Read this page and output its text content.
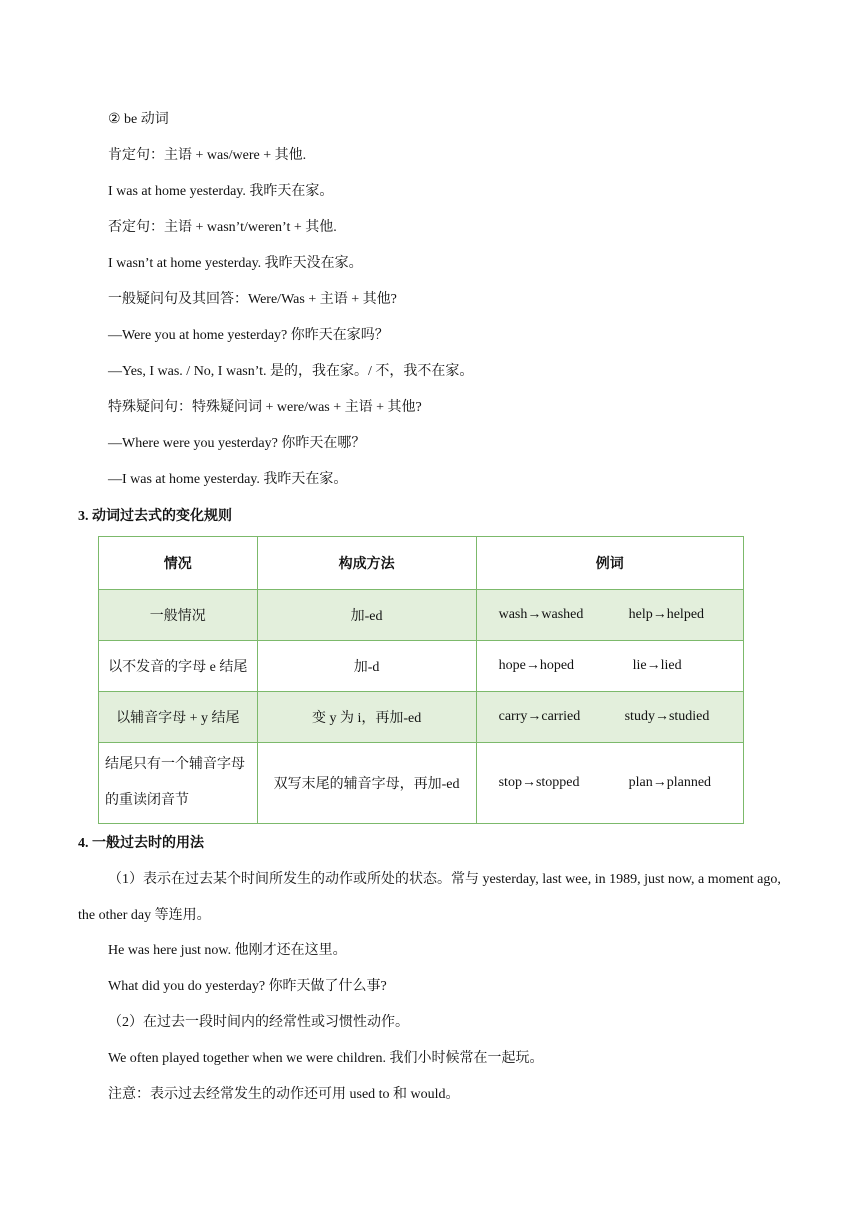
② be 动词
肯定句：主语 + was/were + 其他.
I was at home yesterday. 我昨天在家。
否定句：主语 + wasn’t/weren’t + 其他.
I wasn’t at home yesterday. 我昨天没在家。
一般疑问句及其回答：Were/Was + 主语 + 其他?
—Were you at home yesterday? 你昨天在家吗？
—Yes, I was. / No, I wasn’t. 是的，我在家。/ 不，我不在家。
特殊疑问句：特殊疑问词 + were/was + 主语 + 其他?
—Where were you yesterday? 你昨天在哪？
—I was at home yesterday. 我昨天在家。
3. 动词过去式的变化规则
情况	构成方法	例词
一般情况	加-ed	wash→washed help→helped
以不发音的字母 e 结尾	加-d	hope→hoped lie→lied
以辅音字母 + y 结尾	变 y 为 i，再加-ed	carry→carried study→studied
结尾只有一个辅音字母的重读闭音节	双写末尾的辅音字母，再加-ed	stop→stopped plan→planned
4. 一般过去时的用法
（1）表示在过去某个时间所发生的动作或所处的状态。常与 yesterday, last wee, in 1989, just now, a moment ago, the other day 等连用。
He was here just now. 他刚才还在这里。
What did you do yesterday? 你昨天做了什么事?
（2）在过去一段时间内的经常性或习惯性动作。
We often played together when we were children. 我们小时候常在一起玩。
注意：表示过去经常发生的动作还可用 used to 和 would。
